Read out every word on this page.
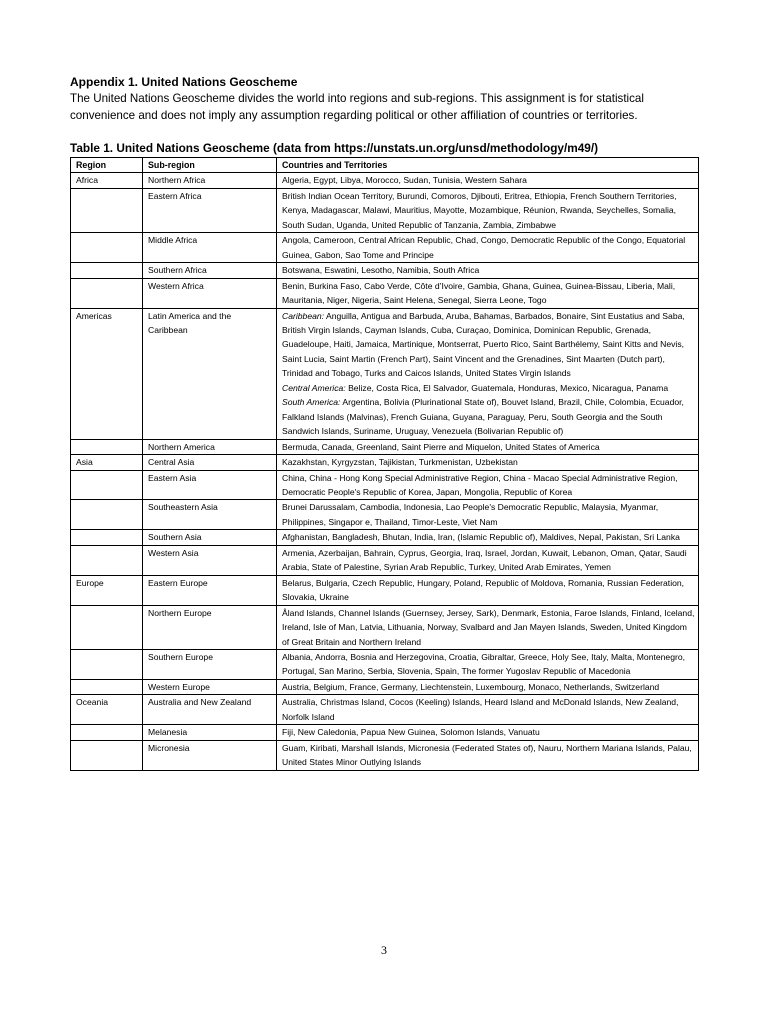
Appendix 1. United Nations Geoscheme

The United Nations Geoscheme divides the world into regions and sub-regions. This assignment is for statistical convenience and does not imply any assumption regarding political or other affiliation of countries or territories.

Table 1. United Nations Geoscheme (data from https://unstats.un.org/unsd/methodology/m49/)

Region	Sub-region	Countries and Territories
Africa	Northern Africa	Algeria, Egypt, Libya, Morocco, Sudan, Tunisia, Western Sahara
	Eastern Africa	British Indian Ocean Territory, Burundi, Comoros, Djibouti, Eritrea, Ethiopia, French Southern Territories, Kenya, Madagascar, Malawi, Mauritius, Mayotte, Mozambique, Réunion, Rwanda, Seychelles, Somalia, South Sudan, Uganda, United Republic of Tanzania, Zambia, Zimbabwe
	Middle Africa	Angola, Cameroon, Central African Republic, Chad, Congo, Democratic Republic of the Congo, Equatorial Guinea, Gabon, Sao Tome and Principe
	Southern Africa	Botswana, Eswatini, Lesotho, Namibia, South Africa
	Western Africa	Benin, Burkina Faso, Cabo Verde, Côte d’Ivoire, Gambia, Ghana, Guinea, Guinea-Bissau, Liberia, Mali, Mauritania, Niger, Nigeria, Saint Helena, Senegal, Sierra Leone, Togo
Americas	Latin America and the Caribbean	Caribbean: Anguilla, Antigua and Barbuda, Aruba, Bahamas, Barbados, Bonaire, Sint Eustatius and Saba, British Virgin Islands, Cayman Islands, Cuba, Curaçao, Dominica, Dominican Republic, Grenada, Guadeloupe, Haiti, Jamaica, Martinique, Montserrat, Puerto Rico, Saint Barthélemy, Saint Kitts and Nevis, Saint Lucia, Saint Martin (French Part), Saint Vincent and the Grenadines, Sint Maarten (Dutch part), Trinidad and Tobago, Turks and Caicos Islands, United States Virgin Islands
Central America: Belize, Costa Rica, El Salvador, Guatemala, Honduras, Mexico, Nicaragua, Panama
South America: Argentina, Bolivia (Plurinational State of), Bouvet Island, Brazil, Chile, Colombia, Ecuador, Falkland Islands (Malvinas), French Guiana, Guyana, Paraguay, Peru, South Georgia and the South Sandwich Islands, Suriname, Uruguay, Venezuela (Bolivarian Republic of)
	Northern America	Bermuda, Canada, Greenland, Saint Pierre and Miquelon, United States of America
Asia	Central Asia	Kazakhstan, Kyrgyzstan, Tajikistan, Turkmenistan, Uzbekistan
	Eastern Asia	China, China - Hong Kong Special Administrative Region, China - Macao Special Administrative Region, Democratic People's Republic of Korea, Japan, Mongolia, Republic of Korea
	Southeastern Asia	Brunei Darussalam, Cambodia, Indonesia, Lao People's Democratic Republic, Malaysia, Myanmar, Philippines, Singapor e, Thailand, Timor-Leste, Viet Nam
	Southern Asia	Afghanistan, Bangladesh, Bhutan, India, Iran, (Islamic Republic of), Maldives, Nepal, Pakistan, Sri Lanka
	Western Asia	Armenia, Azerbaijan, Bahrain, Cyprus, Georgia, Iraq, Israel, Jordan, Kuwait, Lebanon, Oman, Qatar, Saudi Arabia, State of Palestine, Syrian Arab Republic, Turkey, United Arab Emirates, Yemen
Europe	Eastern Europe	Belarus, Bulgaria, Czech Republic, Hungary, Poland, Republic of Moldova, Romania, Russian Federation, Slovakia, Ukraine
	Northern Europe	Åland Islands, Channel Islands (Guernsey, Jersey, Sark), Denmark, Estonia, Faroe Islands, Finland, Iceland, Ireland, Isle of Man, Latvia, Lithuania, Norway, Svalbard and Jan Mayen Islands, Sweden, United Kingdom of Great Britain and Northern Ireland
	Southern Europe	Albania, Andorra, Bosnia and Herzegovina, Croatia, Gibraltar, Greece, Holy See, Italy, Malta, Montenegro, Portugal, San Marino, Serbia, Slovenia, Spain, The former Yugoslav Republic of Macedonia
	Western Europe	Austria, Belgium, France, Germany, Liechtenstein, Luxembourg, Monaco, Netherlands, Switzerland
Oceania	Australia and New Zealand	Australia, Christmas Island, Cocos (Keeling) Islands, Heard Island and McDonald Islands, New Zealand, Norfolk Island
	Melanesia	Fiji, New Caledonia, Papua New Guinea, Solomon Islands, Vanuatu
	Micronesia	Guam, Kiribati, Marshall Islands, Micronesia (Federated States of), Nauru, Northern Mariana Islands, Palau, United States Minor Outlying Islands
3
